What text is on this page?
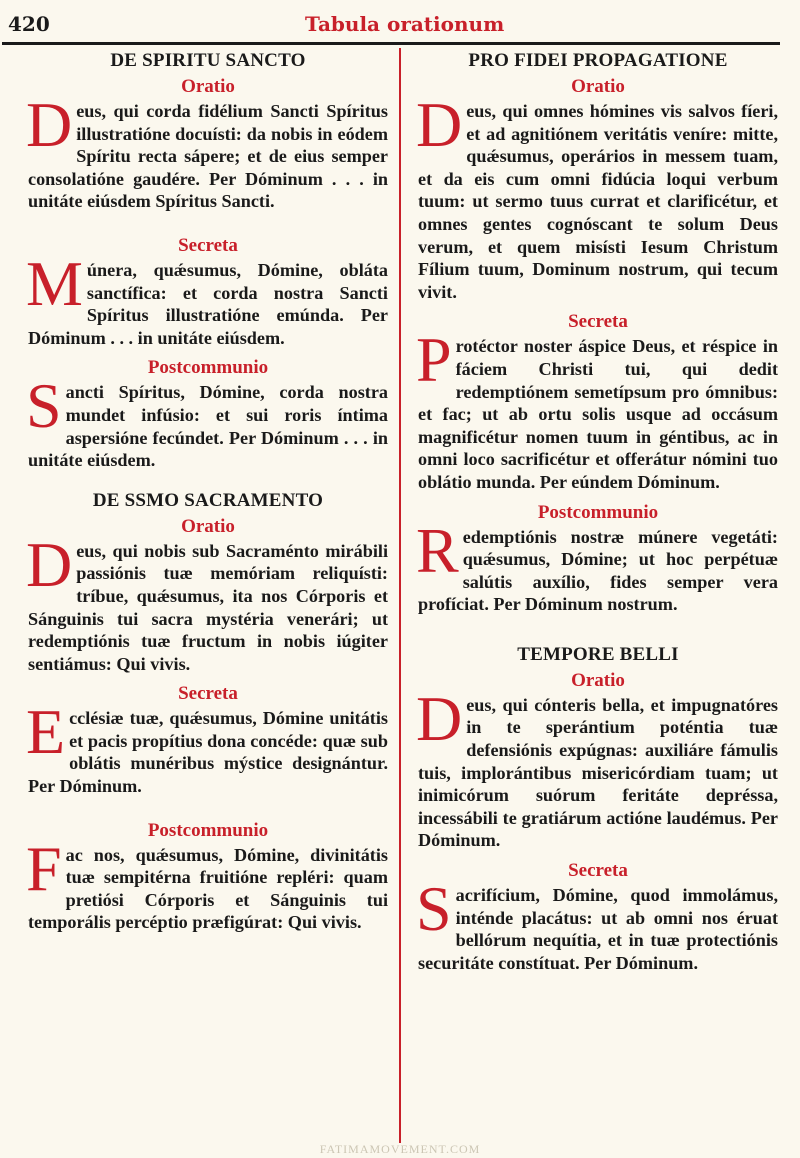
420	Tabula orationum
DE SPIRITU SANCTO
Oratio

Deus, qui corda fidélium Sancti Spíritus illustratióne docuísti: da nobis in eódem Spíritu recta sápere; et de eius semper consolatióne gaudére. Per Dóminum . . . in unitáte eiúsdem Spíritus Sancti.

Secreta

Múnera, quǽsumus, Dómine, obláta sanctífica: et corda nostra Sancti Spíritus illustratióne emúnda. Per Dóminum . . . in unitáte eiúsdem.

Postcommunio

Sancti Spíritus, Dómine, corda nostra mundet infúsio: et sui roris íntima aspersióne fecúndet. Per Dóminum . . . in unitáte eiúsdem.

DE SSMO SACRAMENTO
Oratio

Deus, qui nobis sub Sacraménto mirábili passiónis tuæ memóriam reliquísti: tríbue, quǽsumus, ita nos Córporis et Sánguinis tui sacra mystéria venerári; ut redemptiónis tuæ fructum in nobis iúgiter sentiámus: Qui vivis.

Secreta

Ecclésiæ tuæ, quǽsumus, Dómine unitátis et pacis propítius dona concéde: quæ sub oblátis munéribus mýstice designántur. Per Dóminum.

Postcommunio

Fac nos, quǽsumus, Dómine, divinitátis tuæ sempitérna fruitióne repléri: quam pretiósi Córporis et Sánguinis tui temporális percéptio præfigúrat: Qui vivis.

PRO FIDEI PROPAGATIONE
Oratio

Deus, qui omnes hómines vis salvos fíeri, et ad agnitiónem veritátis veníre: mitte, quǽsumus, operários in messem tuam, et da eis cum omni fidúcia loqui verbum tuum: ut sermo tuus currat et clarificétur, et omnes gentes cognóscant te solum Deus verum, et quem misísti Iesum Christum Fílium tuum, Dominum nostrum, qui tecum vivit.

Secreta

Protéctor noster áspice Deus, et réspice in fáciem Christi tui, qui dedit redemptiónem semetípsum pro ómnibus: et fac; ut ab ortu solis usque ad occásum magnificétur nomen tuum in géntibus, ac in omni loco sacrificétur et offerátur nómini tuo oblátio munda. Per eúndem Dóminum.

Postcommunio

Redemptiónis nostræ múnere vegetáti: quǽsumus, Dómine; ut hoc perpétuæ salútis auxílio, fides semper vera profíciat. Per Dóminum nostrum.

TEMPORE BELLI
Oratio

Deus, qui cónteris bella, et impugnatóres in te sperántium poténtia tuæ defensiónis expúgnas: auxiliáre fámulis tuis, implorántibus misericórdiam tuam; ut inimicórum suórum feritáte depréssa, incessábili te gratiárum actióne laudémus. Per Dóminum.

Secreta

Sacrifícium, Dómine, quod immolámus, inténde placátus: ut ab omni nos éruat bellórum nequítia, et in tuæ protectiónis securitáte constítuat. Per Dóminum.

FATIMAMOVEMENT.COM
